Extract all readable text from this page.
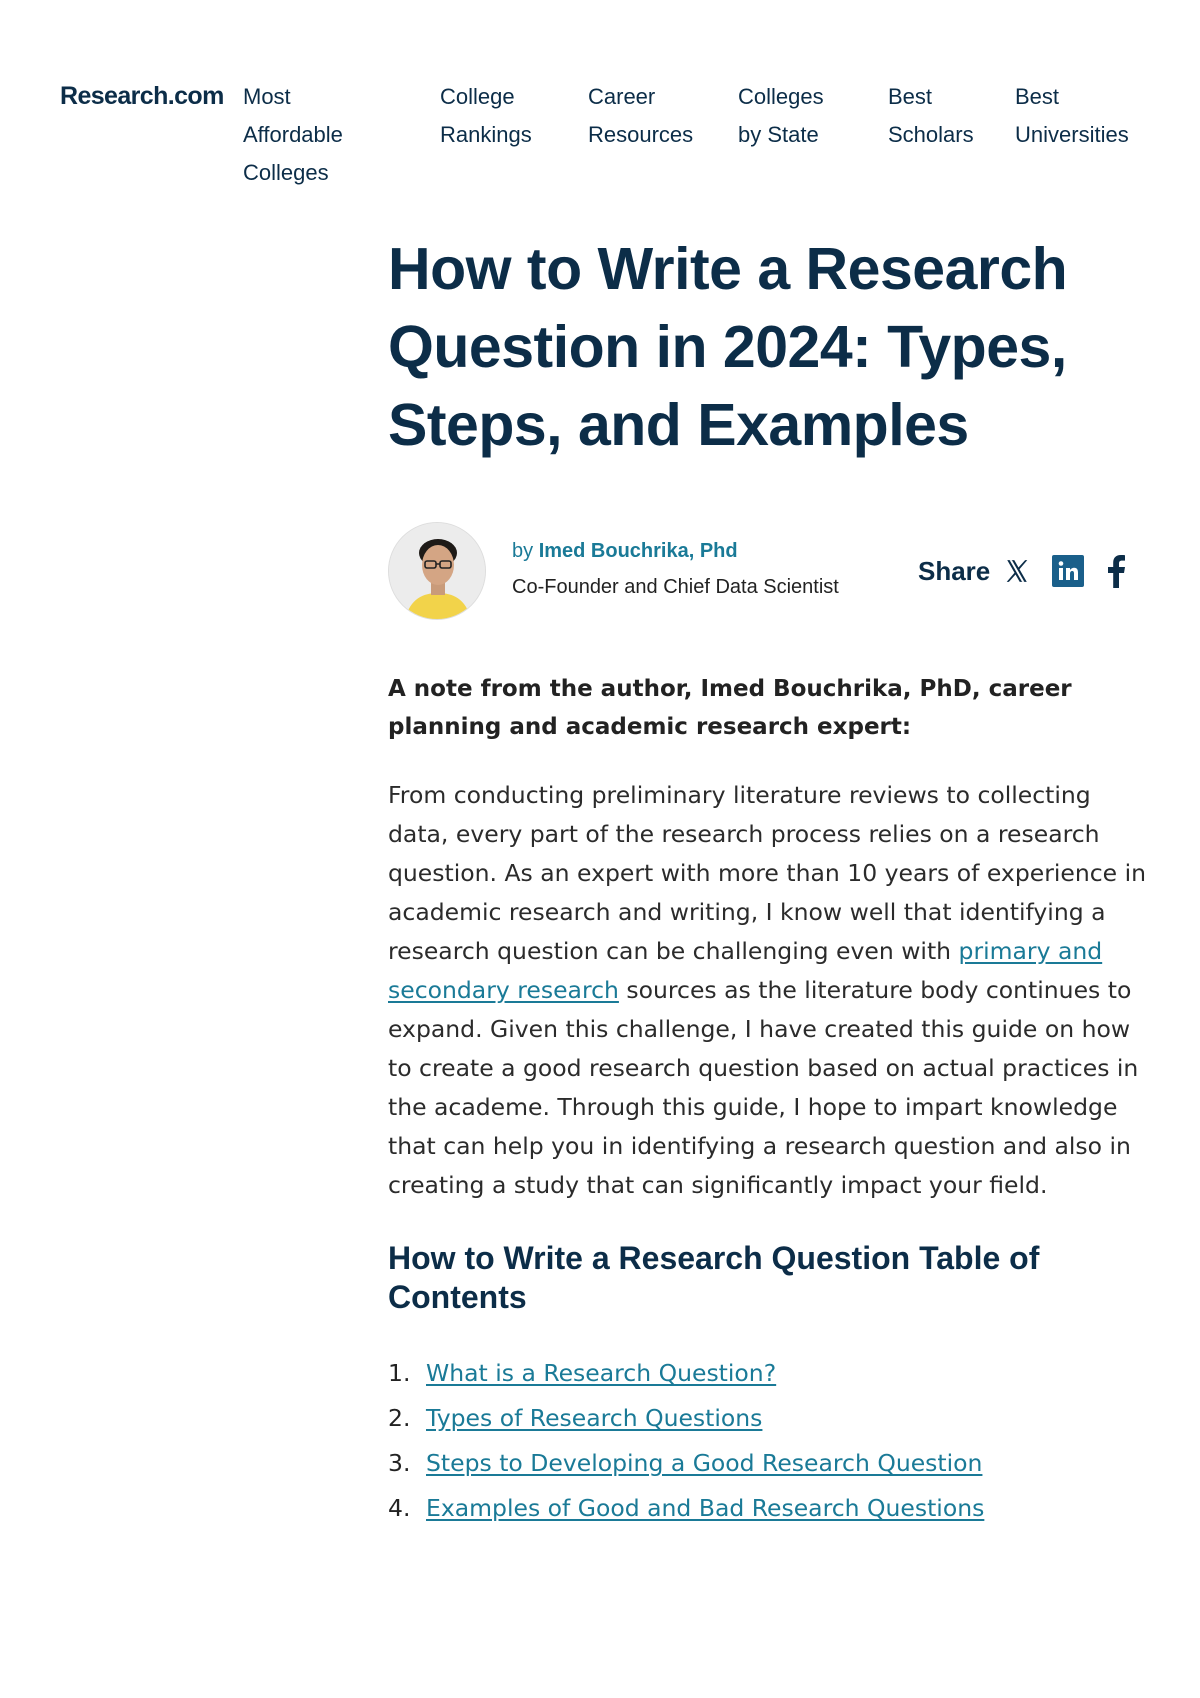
Research.com Most
Affordable
Colleges
College
Rankings
Career
Resources
Colleges
by State
Best
Scholars
Best
Universities
How to Write a Research Question in 2024: Types, Steps, and Examples
by Imed Bouchrika, Phd
Co-Founder and Chief Data Scientist
Share

A note from the author, Imed Bouchrika, PhD, career planning and academic research expert:

From conducting preliminary literature reviews to collecting data, every part of the research process relies on a research question. As an expert with more than 10 years of experience in academic research and writing, I know well that identifying a research question can be challenging even with primary and secondary research sources as the literature body continues to expand. Given this challenge, I have created this guide on how to create a good research question based on actual practices in the academe. Through this guide, I hope to impart knowledge that can help you in identifying a research question and also in creating a study that can significantly impact your field.

How to Write a Research Question Table of Contents
1. What is a Research Question?
2. Types of Research Questions
3. Steps to Developing a Good Research Question
4. Examples of Good and Bad Research Questions
